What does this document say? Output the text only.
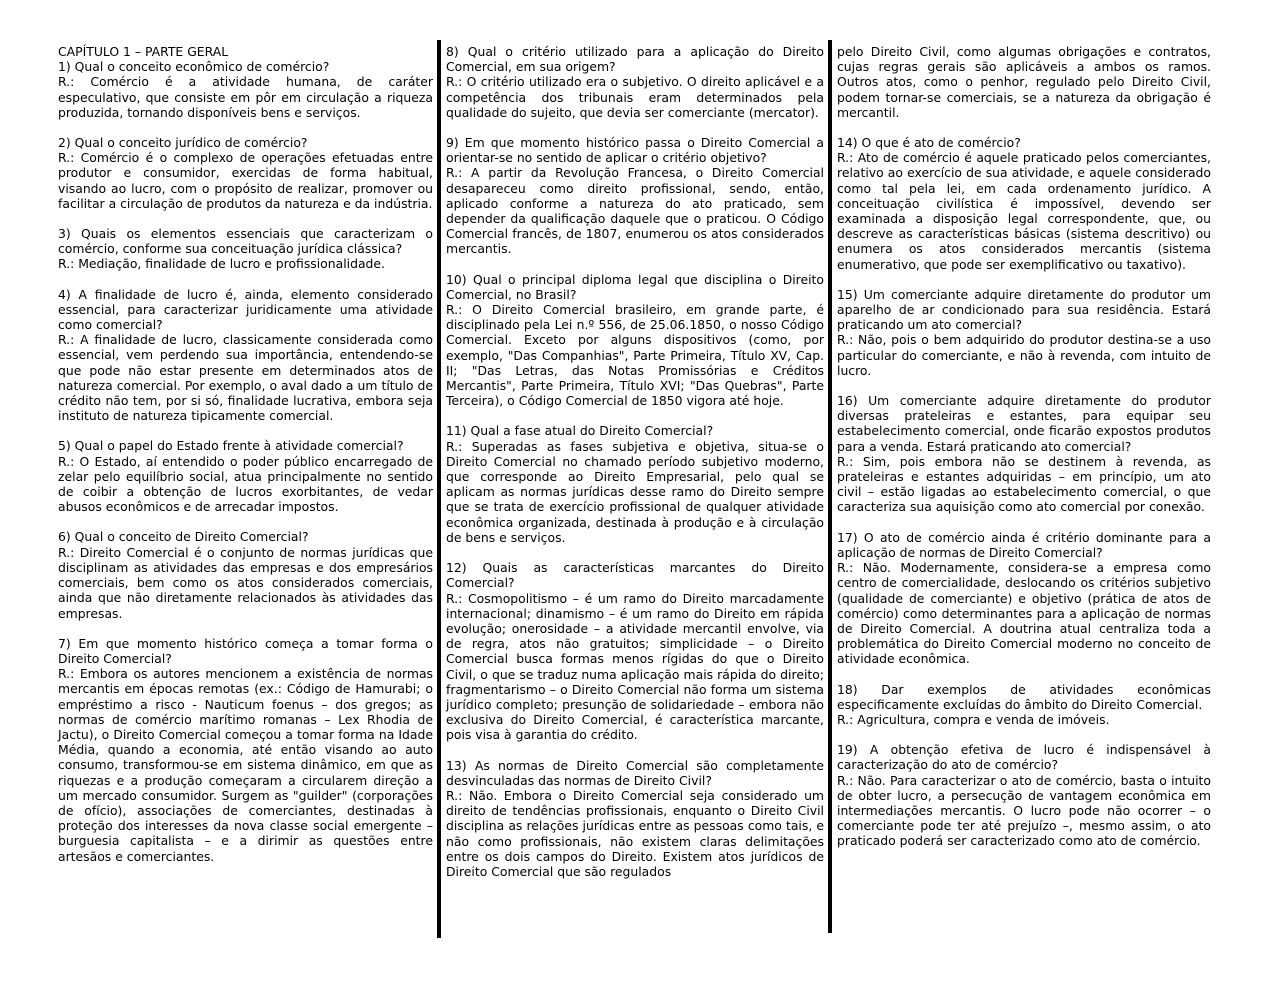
CAPÍTULO 1 – PARTE GERAL

1) Qual o conceito econômico de comércio?

R.: Comércio é a atividade humana, de caráter especulativo, que consiste em pôr em circulação a riqueza produzida, tornando disponíveis bens e serviços.

2) Qual o conceito jurídico de comércio?

R.: Comércio é o complexo de operações efetuadas entre produtor e consumidor, exercidas de forma habitual, visando ao lucro, com o propósito de realizar, promover ou facilitar a circulação de produtos da natureza e da indústria.

3) Quais os elementos essenciais que caracterizam o comércio, conforme sua conceituação jurídica clássica?

R.: Mediação, finalidade de lucro e profissionalidade.

4) A finalidade de lucro é, ainda, elemento considerado essencial, para caracterizar juridicamente uma atividade como comercial?

R.: A finalidade de lucro, classicamente considerada como essencial, vem perdendo sua importância, entendendo-se que pode não estar presente em determinados atos de natureza comercial. Por exemplo, o aval dado a um título de crédito não tem, por si só, finalidade lucrativa, embora seja instituto de natureza tipicamente comercial.

5) Qual o papel do Estado frente à atividade comercial?

R.: O Estado, aí entendido o poder público encarregado de zelar pelo equilíbrio social, atua principalmente no sentido de coibir a obtenção de lucros exorbitantes, de vedar abusos econômicos e de arrecadar impostos.

6) Qual o conceito de Direito Comercial?

R.: Direito Comercial é o conjunto de normas jurídicas que disciplinam as atividades das empresas e dos empresários comerciais, bem como os atos considerados comerciais, ainda que não diretamente relacionados às atividades das empresas.

7) Em que momento histórico começa a tomar forma o Direito Comercial?

R.: Embora os autores mencionem a existência de normas mercantis em épocas remotas (ex.: Código de Hamurabi; o empréstimo a risco - Nauticum foenus – dos gregos; as normas de comércio marítimo romanas – Lex Rhodia de Jactu), o Direito Comercial começou a tomar forma na Idade Média, quando a economia, até então visando ao auto consumo, transformou-se em sistema dinâmico, em que as riquezas e a produção começaram a circularem direção a um mercado consumidor. Surgem as "guilder" (corporações de ofício), associações de comerciantes, destinadas à proteção dos interesses da nova classe social emergente – burguesia capitalista – e a dirimir as questões entre artesãos e comerciantes.

8) Qual o critério utilizado para a aplicação do Direito Comercial, em sua origem?

R.: O critério utilizado era o subjetivo. O direito aplicável e a competência dos tribunais eram determinados pela qualidade do sujeito, que devia ser comerciante (mercator).

9) Em que momento histórico passa o Direito Comercial a orientar-se no sentido de aplicar o critério objetivo?

R.: A partir da Revolução Francesa, o Direito Comercial desapareceu como direito profissional, sendo, então, aplicado conforme a natureza do ato praticado, sem depender da qualificação daquele que o praticou. O Código Comercial francês, de 1807, enumerou os atos considerados mercantis.

10) Qual o principal diploma legal que disciplina o Direito Comercial, no Brasil?

R.: O Direito Comercial brasileiro, em grande parte, é disciplinado pela Lei n.º 556, de 25.06.1850, o nosso Código Comercial. Exceto por alguns dispositivos (como, por exemplo, "Das Companhias", Parte Primeira, Título XV, Cap. II; "Das Letras, das Notas Promissórias e Créditos Mercantis", Parte Primeira, Título XVI; "Das Quebras", Parte Terceira), o Código Comercial de 1850 vigora até hoje.

11) Qual a fase atual do Direito Comercial?

R.: Superadas as fases subjetiva e objetiva, situa-se o Direito Comercial no chamado período subjetivo moderno, que corresponde ao Direito Empresarial, pelo qual se aplicam as normas jurídicas desse ramo do Direito sempre que se trata de exercício profissional de qualquer atividade econômica organizada, destinada à produção e à circulação de bens e serviços.

12) Quais as características marcantes do Direito Comercial?

R.: Cosmopolitismo – é um ramo do Direito marcadamente internacional; dinamismo – é um ramo do Direito em rápida evolução; onerosidade – a atividade mercantil envolve, via de regra, atos não gratuitos; simplicidade – o Direito Comercial busca formas menos rígidas do que o Direito Civil, o que se traduz numa aplicação mais rápida do direito; fragmentarismo – o Direito Comercial não forma um sistema jurídico completo; presunção de solidariedade – embora não exclusiva do Direito Comercial, é característica marcante, pois visa à garantia do crédito.

13) As normas de Direito Comercial são completamente desvinculadas das normas de Direito Civil?

R.: Não. Embora o Direito Comercial seja considerado um direito de tendências profissionais, enquanto o Direito Civil disciplina as relações jurídicas entre as pessoas como tais, e não como profissionais, não existem claras delimitações entre os dois campos do Direito. Existem atos jurídicos de Direito Comercial que são regulados

pelo Direito Civil, como algumas obrigações e contratos, cujas regras gerais são aplicáveis a ambos os ramos. Outros atos, como o penhor, regulado pelo Direito Civil, podem tornar-se comerciais, se a natureza da obrigação é mercantil.

14) O que é ato de comércio?

R.: Ato de comércio é aquele praticado pelos comerciantes, relativo ao exercício de sua atividade, e aquele considerado como tal pela lei, em cada ordenamento jurídico. A conceituação civilística é impossível, devendo ser examinada a disposição legal correspondente, que, ou descreve as características básicas (sistema descritivo) ou enumera os atos considerados mercantis (sistema enumerativo, que pode ser exemplificativo ou taxativo).

15) Um comerciante adquire diretamente do produtor um aparelho de ar condicionado para sua residência. Estará praticando um ato comercial?

R.: Não, pois o bem adquirido do produtor destina-se a uso particular do comerciante, e não à revenda, com intuito de lucro.

16) Um comerciante adquire diretamente do produtor diversas prateleiras e estantes, para equipar seu estabelecimento comercial, onde ficarão expostos produtos para a venda. Estará praticando ato comercial?

R.: Sim, pois embora não se destinem à revenda, as prateleiras e estantes adquiridas – em princípio, um ato civil – estão ligadas ao estabelecimento comercial, o que caracteriza sua aquisição como ato comercial por conexão.

17) O ato de comércio ainda é critério dominante para a aplicação de normas de Direito Comercial?

R.: Não. Modernamente, considera-se a empresa como centro de comercialidade, deslocando os critérios subjetivo (qualidade de comerciante) e objetivo (prática de atos de comércio) como determinantes para a aplicação de normas de Direito Comercial. A doutrina atual centraliza toda a problemática do Direito Comercial moderno no conceito de atividade econômica.

18) Dar exemplos de atividades econômicas especificamente excluídas do âmbito do Direito Comercial.

R.: Agricultura, compra e venda de imóveis.

19) A obtenção efetiva de lucro é indispensável à caracterização do ato de comércio?

R.: Não. Para caracterizar o ato de comércio, basta o intuito de obter lucro, a persecução de vantagem econômica em intermediações mercantis. O lucro pode não ocorrer – o comerciante pode ter até prejuízo –, mesmo assim, o ato praticado poderá ser caracterizado como ato de comércio.
